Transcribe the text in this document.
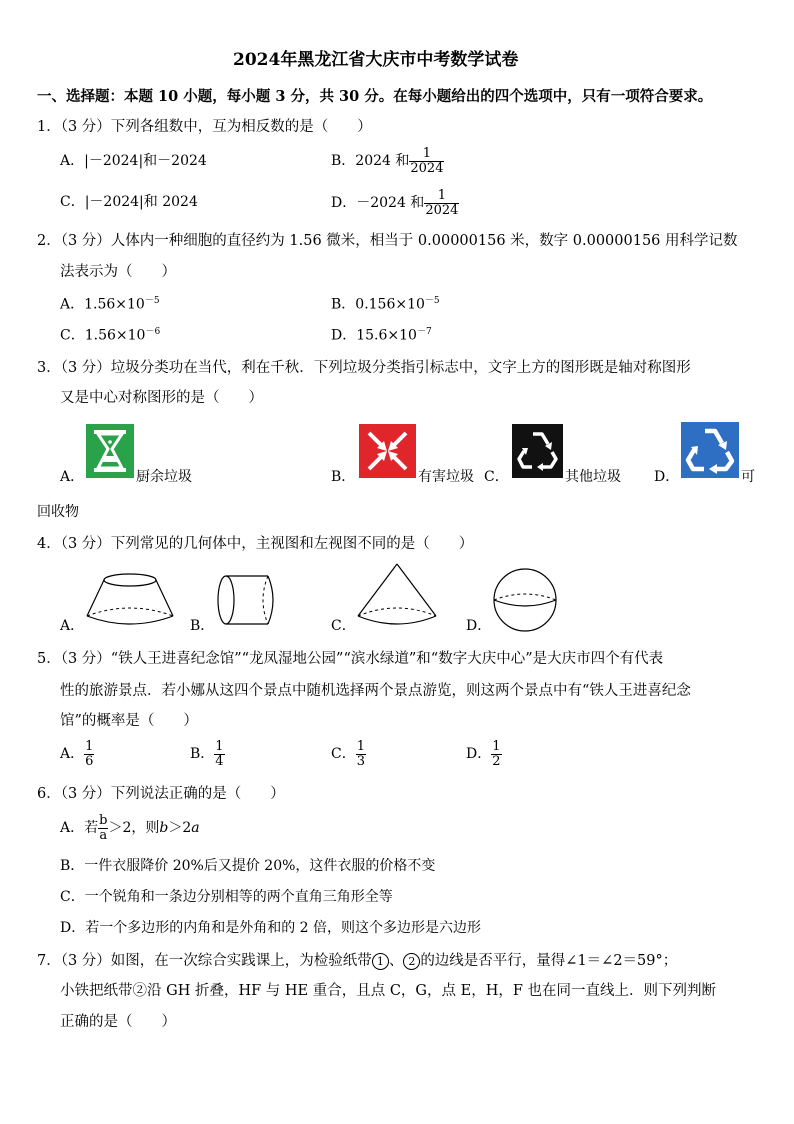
2024年黑龙江省大庆市中考数学试卷
一、选择题：本题 10 小题，每小题 3 分，共 30 分。在每小题给出的四个选项中，只有一项符合要求。
1．（3 分）下列各组数中，互为相反数的是（　　）
A．|－2024|和－2024	B．2024 和 $\frac{1}{2024}$
C．|－2024|和 2024	D．－2024 和 $\frac{1}{2024}$
2．（3 分）人体内一种细胞的直径约为 1.56 微米，相当于 0.00000156 米，数字 0.00000156 用科学记数
法表示为（　　）
A．$1.56\times 10^{-5}$	B．$0.156\times 10^{-5}$
C．$1.56\times 10^{-6}$	D．$15.6\times 10^{-7}$
3．（3 分）垃圾分类功在当代，利在千秋．下列垃圾分类指引标志中，文字上方的图形既是轴对称图形
又是中心对称图形的是（　　）
A．	厨余垃圾	B．	有害垃圾 C．	其他垃圾 D．	可
回收物
4．（3 分）下列常见的几何体中，主视图和左视图不同的是（　　）
A．	B．	C．	D．
5．（3 分）“铁人王进喜纪念馆”“龙凤湿地公园”“滨水绿道”和“数字大庆中心”是大庆市四个有代表
性的旅游景点．若小娜从这四个景点中随机选择两个景点游览，则这两个景点中有“铁人王进喜纪念
馆”的概率是（　　）
A． $\frac{1}{6}$	B． $\frac{1}{4}$	C． $\frac{1}{3}$	D． $\frac{1}{2}$
6．（3 分）下列说法正确的是（　　）
A．若 $\frac{b}{a} >2$，则 b ＞2 a
B．一件衣服降价 20%后又提价 20%，这件衣服的价格不变
C．一个锐角和一条边分别相等的两个直角三角形全等
D．若一个多边形的内角和是外角和的 2 倍，则这个多边形是六边形
7．（3 分）如图，在一次综合实践课上，为检验纸带 1 、 2 的边线是否平行，量得∠1＝∠2＝59°；
小铁把纸带②沿 GH 折叠，HF 与 HE 重合，且点 C，G，点 E，H，F 也在同一直线上．则下列判断
正确的是（　　）
